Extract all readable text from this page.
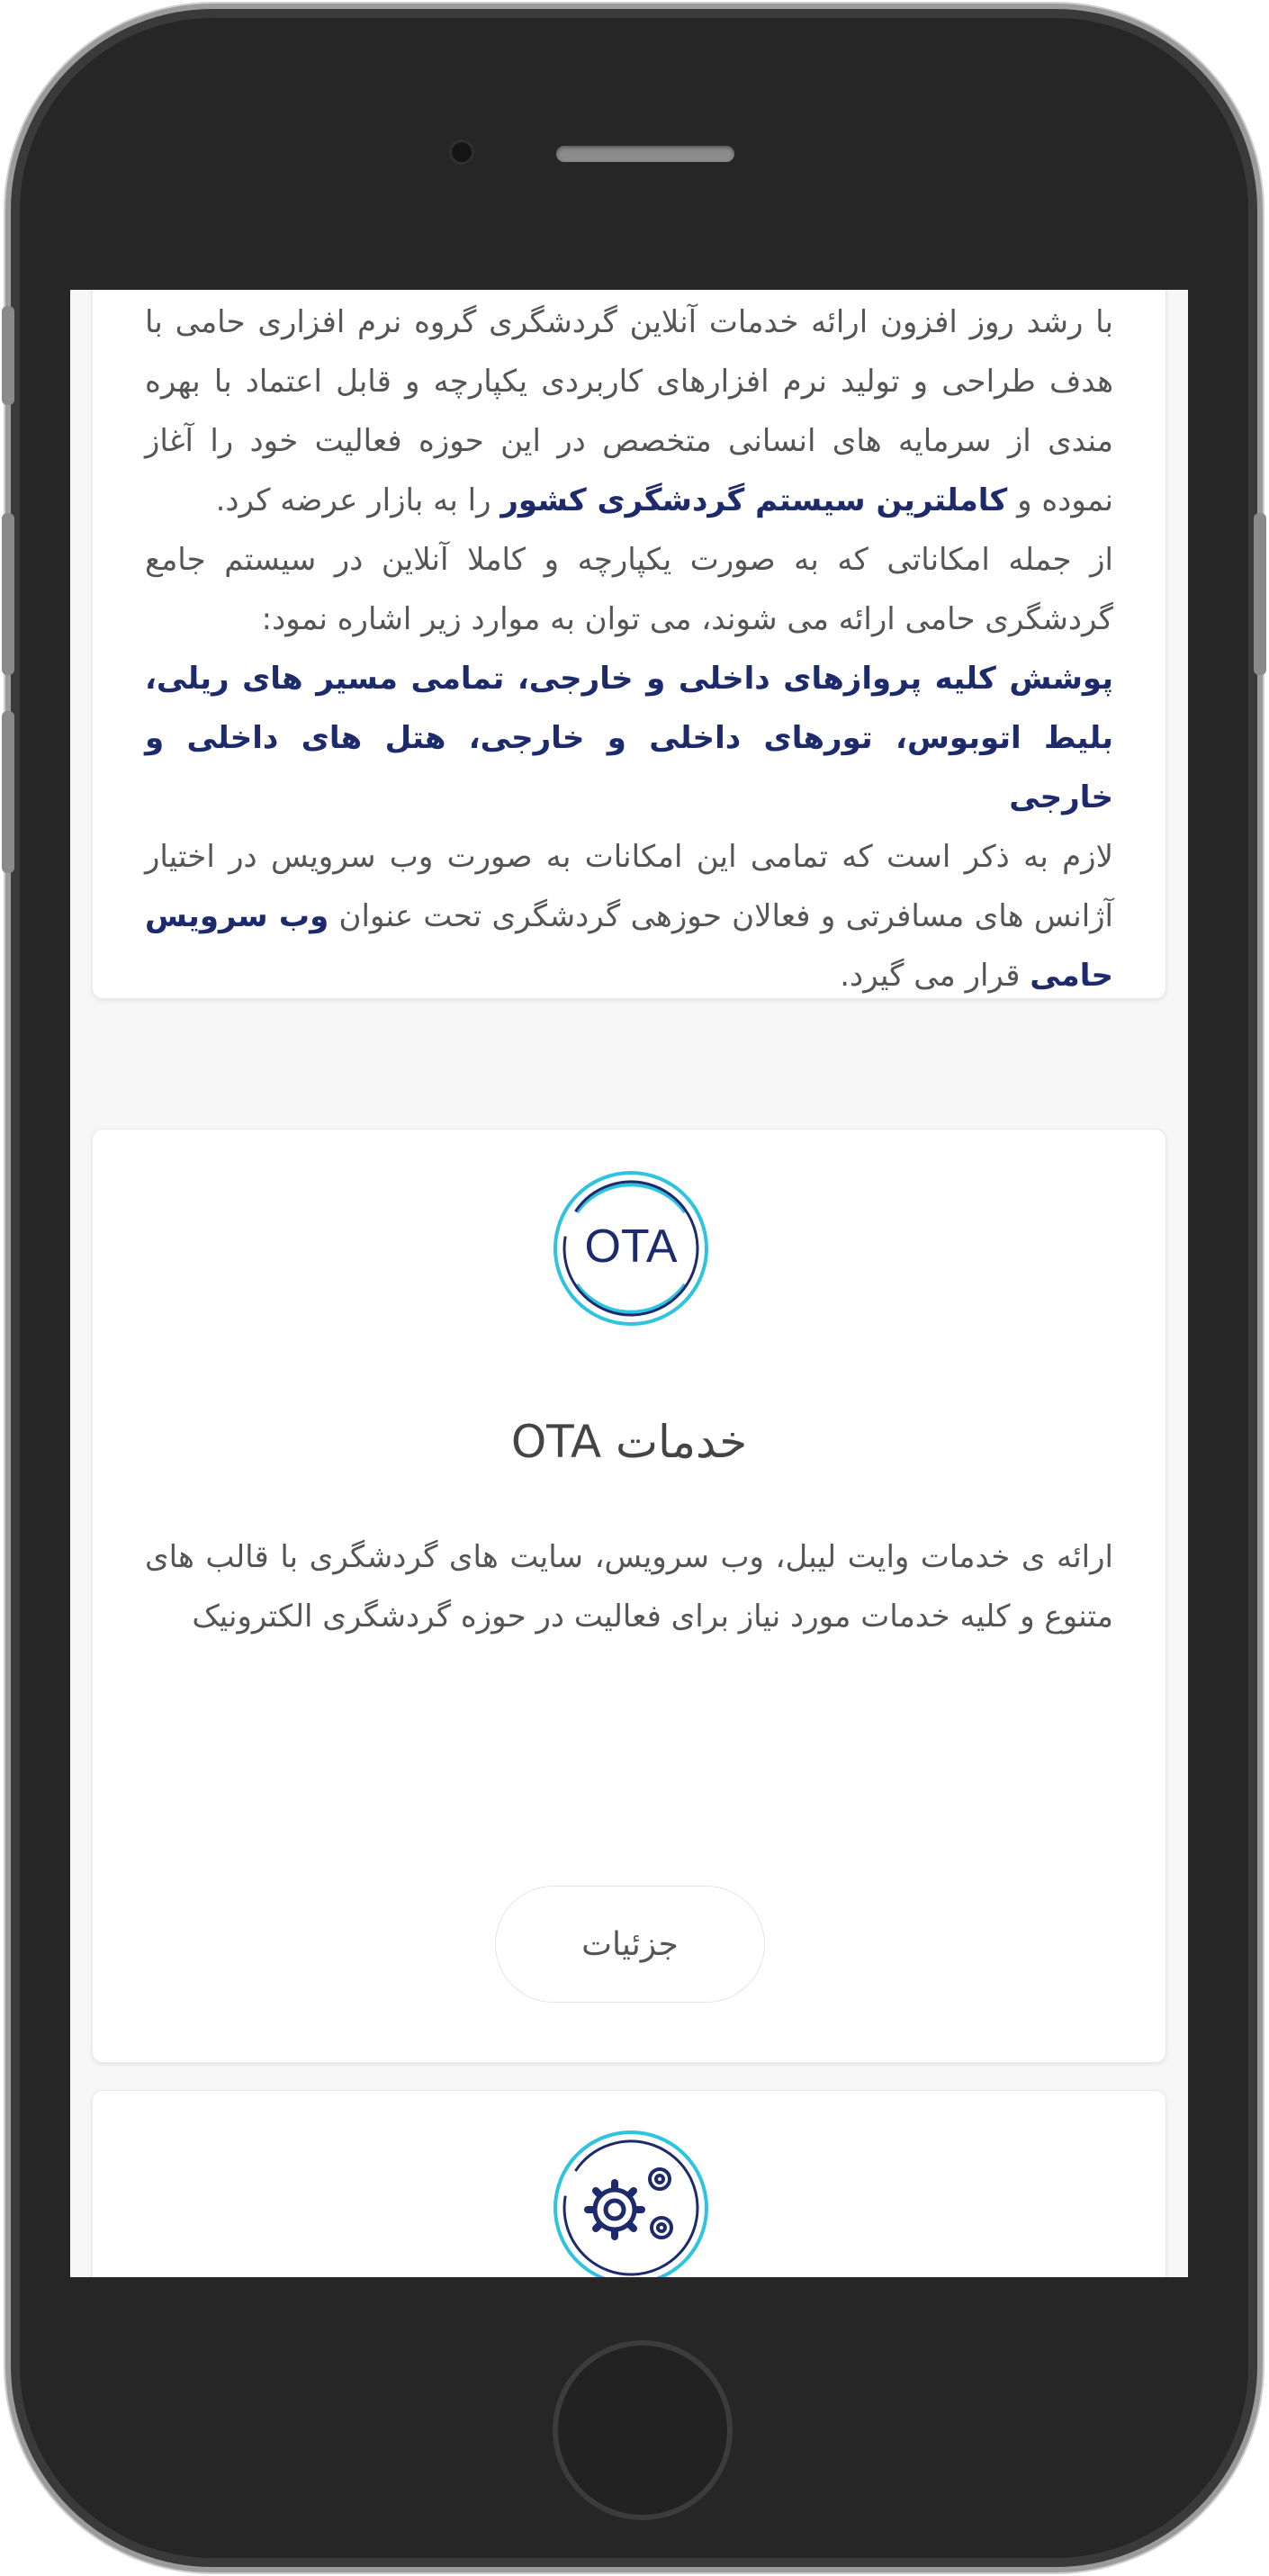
با رشد روز افزون ارائه خدمات آنلاین گردشگری گروه نرم افزاری حامی با هدف طراحی و تولید نرم افزارهای کاربردی یکپارچه و قابل اعتماد با بهره مندی از سرمایه های انسانی متخصص در این حوزه فعالیت خود را آغاز نموده و کاملترین سیستم گردشگری کشور را به بازار عرضه کرد.

از جمله امکاناتی که به صورت یکپارچه و کاملا آنلاین در سیستم جامع گردشگری حامی ارائه می شوند، می توان به موارد زیر اشاره نمود:

پوشش کلیه پروازهای داخلی و خارجی، تمامی مسیر های ریلی، بلیط اتوبوس، تورهای داخلی و خارجی، هتل های داخلی و خارجی

لازم به ذکر است که تمامی این امکانات به صورت وب سرویس در اختیار آژانس های مسافرتی و فعالان حوزهی گردشگری تحت عنوان وب سرویس حامی قرار می گیرد.

OTA
خدمات OTA

ارائه ی خدمات وایت لیبل، وب سرویس، سایت های گردشگری با قالب های متنوع و کلیه خدمات مورد نیاز برای فعالیت در حوزه گردشگری الکترونیک

جزئیات
